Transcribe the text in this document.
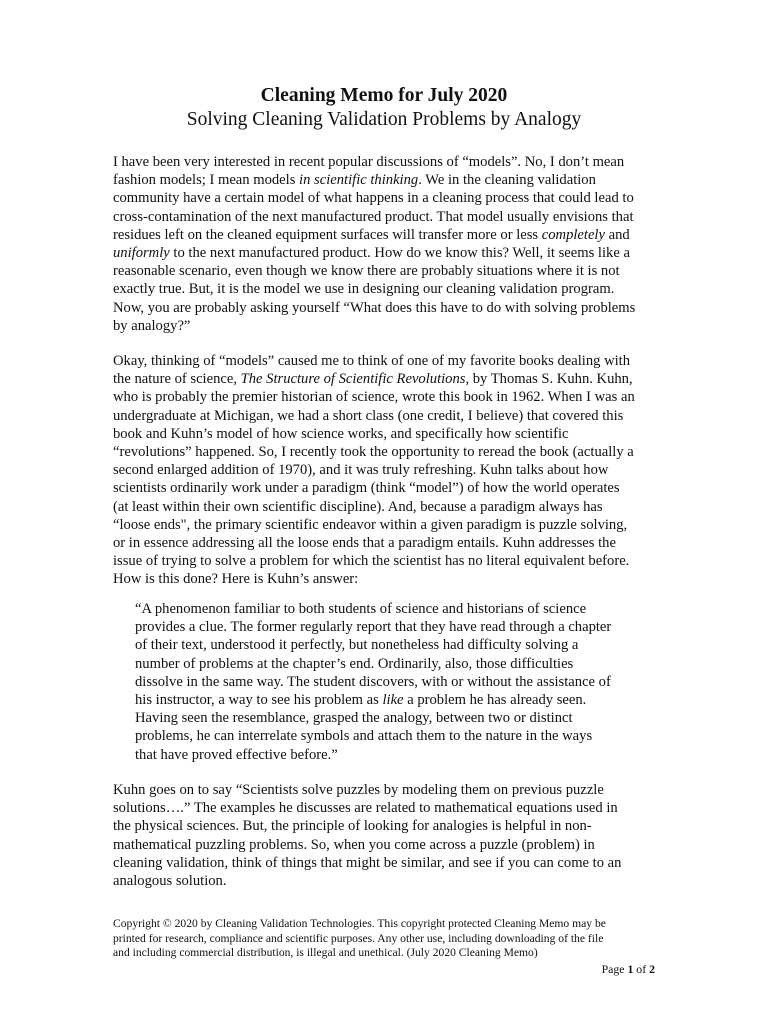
Cleaning Memo for July 2020
Solving Cleaning Validation Problems by Analogy

I have been very interested in recent popular discussions of “models”. No, I don’t mean
fashion models; I mean models in scientific thinking. We in the cleaning validation
community have a certain model of what happens in a cleaning process that could lead to
cross-contamination of the next manufactured product. That model usually envisions that
residues left on the cleaned equipment surfaces will transfer more or less completely and
uniformly to the next manufactured product. How do we know this? Well, it seems like a
reasonable scenario, even though we know there are probably situations where it is not
exactly true. But, it is the model we use in designing our cleaning validation program.
Now, you are probably asking yourself “What does this have to do with solving problems
by analogy?”

Okay, thinking of “models” caused me to think of one of my favorite books dealing with
the nature of science, The Structure of Scientific Revolutions, by Thomas S. Kuhn. Kuhn,
who is probably the premier historian of science, wrote this book in 1962. When I was an
undergraduate at Michigan, we had a short class (one credit, I believe) that covered this
book and Kuhn’s model of how science works, and specifically how scientific
“revolutions” happened. So, I recently took the opportunity to reread the book (actually a
second enlarged addition of 1970), and it was truly refreshing. Kuhn talks about how
scientists ordinarily work under a paradigm (think “model”) of how the world operates
(at least within their own scientific discipline). And, because a paradigm always has
“loose ends", the primary scientific endeavor within a given paradigm is puzzle solving,
or in essence addressing all the loose ends that a paradigm entails. Kuhn addresses the
issue of trying to solve a problem for which the scientist has no literal equivalent before.
How is this done? Here is Kuhn’s answer:

“A phenomenon familiar to both students of science and historians of science
provides a clue. The former regularly report that they have read through a chapter
of their text, understood it perfectly, but nonetheless had difficulty solving a
number of problems at the chapter’s end. Ordinarily, also, those difficulties
dissolve in the same way. The student discovers, with or without the assistance of
his instructor, a way to see his problem as like a problem he has already seen.
Having seen the resemblance, grasped the analogy, between two or distinct
problems, he can interrelate symbols and attach them to the nature in the ways
that have proved effective before.”

Kuhn goes on to say “Scientists solve puzzles by modeling them on previous puzzle
solutions….” The examples he discusses are related to mathematical equations used in
the physical sciences. But, the principle of looking for analogies is helpful in non-
mathematical puzzling problems. So, when you come across a puzzle (problem) in
cleaning validation, think of things that might be similar, and see if you can come to an
analogous solution.

Copyright © 2020 by Cleaning Validation Technologies. This copyright protected Cleaning Memo may be
printed for research, compliance and scientific purposes. Any other use, including downloading of the file
and including commercial distribution, is illegal and unethical. (July 2020 Cleaning Memo)
Page 1 of 2
